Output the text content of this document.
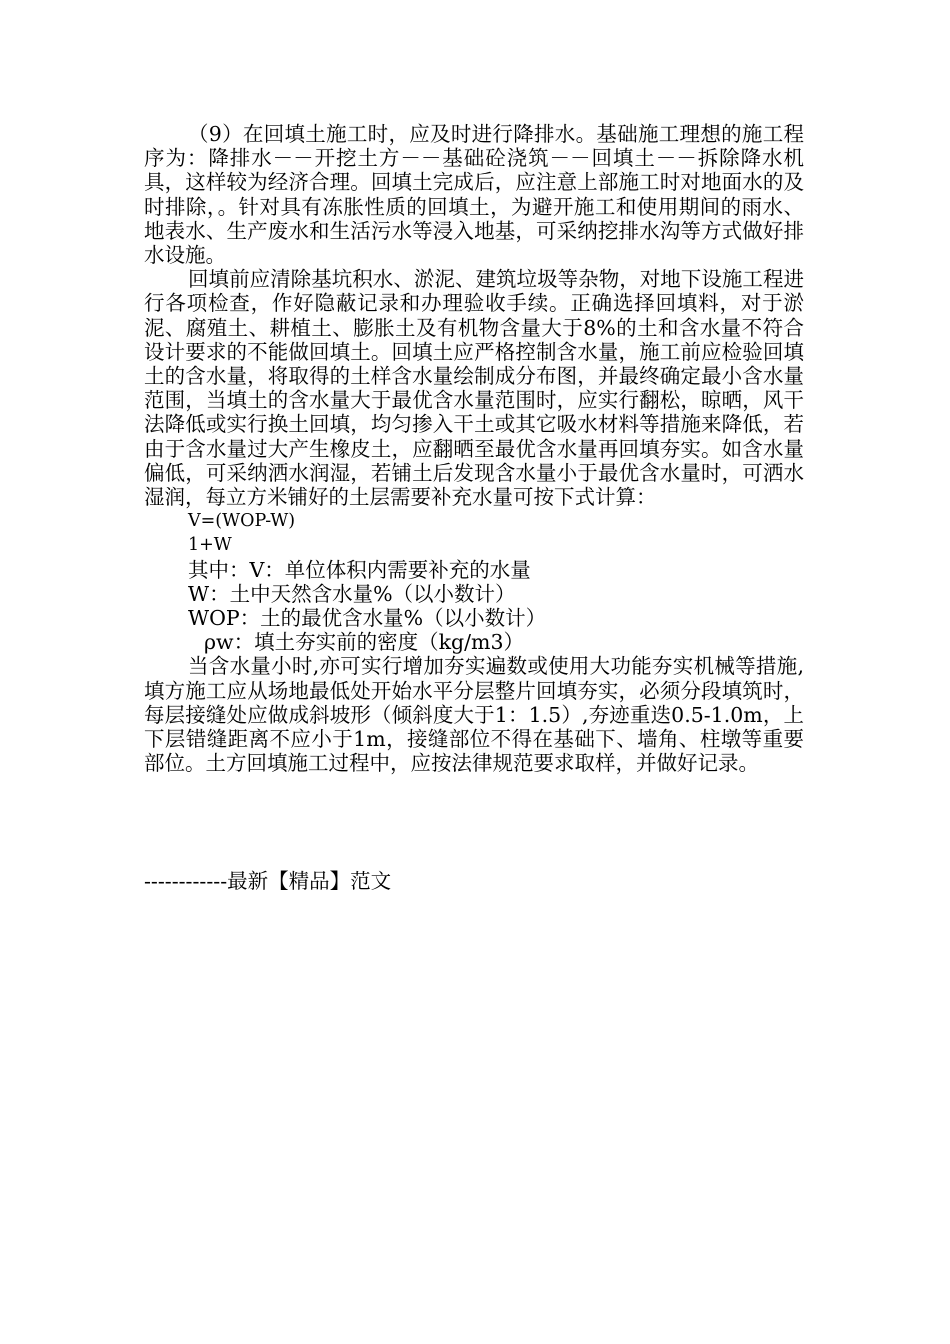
（9）在回填土施工时，应及时进行降排水。基础施工理想的施工程序为：降排水－－开挖土方－－基础砼浇筑－－回填土－－拆除降水机具，这样较为经济合理。回填土完成后，应注意上部施工时对地面水的及时排除，。针对具有冻胀性质的回填土，为避开施工和使用期间的雨水、地表水、生产废水和生活污水等浸入地基，可采纳挖排水沟等方式做好排水设施。

回填前应清除基坑积水、淤泥、建筑垃圾等杂物，对地下设施工程进行各项检查，作好隐蔽记录和办理验收手续。正确选择回填料，对于淤泥、腐殖土、耕植土、膨胀土及有机物含量大于8%的土和含水量不符合设计要求的不能做回填土。回填土应严格控制含水量，施工前应检验回填土的含水量，将取得的土样含水量绘制成分布图，并最终确定最小含水量范围，当填土的含水量大于最优含水量范围时，应实行翻松，晾晒，风干法降低或实行换土回填，均匀掺入干土或其它吸水材料等措施来降低，若由于含水量过大产生橡皮土，应翻晒至最优含水量再回填夯实。如含水量偏低，可采纳洒水润湿，若铺土后发现含水量小于最优含水量时，可洒水湿润，每立方米铺好的土层需要补充水量可按下式计算：

V=(WOP-W)

1+W

其中：V：单位体积内需要补充的水量

W：土中天然含水量%（以小数计）

WOP：土的最优含水量%（以小数计）

ρw：填土夯实前的密度（kg/m3）

当含水量小时,亦可实行增加夯实遍数或使用大功能夯实机械等措施,填方施工应从场地最低处开始水平分层整片回填夯实，必须分段填筑时，每层接缝处应做成斜坡形（倾斜度大于1：1.5）,夯迹重迭0.5-1.0m，上下层错缝距离不应小于1m，接缝部位不得在基础下、墙角、柱墩等重要部位。土方回填施工过程中，应按法律规范要求取样，并做好记录。

------------最新【精品】范文
